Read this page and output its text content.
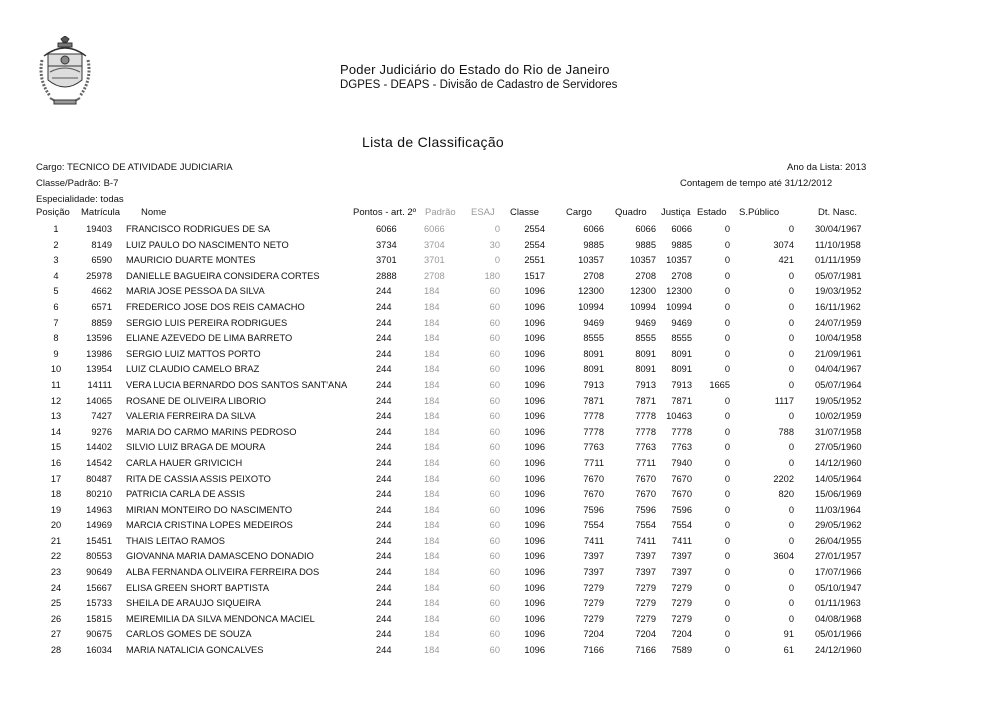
Poder Judiciário do Estado do Rio de Janeiro
DGPES - DEAPS - Divisão de Cadastro de Servidores
Lista de Classificação
Cargo: TECNICO DE ATIVIDADE JUDICIARIA
Classe/Padrão: B-7
Especialidade: todas
Ano da Lista: 2013
Contagem de tempo até 31/12/2012
Posição Matrícula Nome	Pontos - art. 2º Padrão ESAJ Classe	Cargo Quadro Justiça Estado S.Público	Dt. Nasc.
1	19403 FRANCISCO RODRIGUES DE SA	6066	6066	0	2554	6066	6066	6066	0	0 30/04/1967
2	8149 LUIZ PAULO DO NASCIMENTO NETO	3734	3704	30	2554	9885	9885	9885	0	3074 11/10/1958
3	6590 MAURICIO DUARTE MONTES	3701	3701	0	2551	10357	10357	10357	0	421 01/11/1959
4	25978 DANIELLE BAGUEIRA CONSIDERA CORTES	2888	2708	180	1517	2708	2708	2708	0	0 05/07/1981
5	4662 MARIA JOSE PESSOA DA SILVA	244	184	60	1096	12300	12300	12300	0	0 19/03/1952
6	6571 FREDERICO JOSE DOS REIS CAMACHO	244	184	60	1096	10994	10994	10994	0	0 16/11/1962
7	8859 SERGIO LUIS PEREIRA RODRIGUES	244	184	60	1096	9469	9469	9469	0	0 24/07/1959
8	13596 ELIANE AZEVEDO DE LIMA BARRETO	244	184	60	1096	8555	8555	8555	0	0 10/04/1958
9	13986 SERGIO LUIZ MATTOS PORTO	244	184	60	1096	8091	8091	8091	0	0 21/09/1961
10	13954 LUIZ CLAUDIO CAMELO BRAZ	244	184	60	1096	8091	8091	8091	0	0 04/04/1967
11	14111 VERA LUCIA BERNARDO DOS SANTOS SANT'ANA	244	184	60	1096	7913	7913	7913	1665	0 05/07/1964
12	14065 ROSANE DE OLIVEIRA LIBORIO	244	184	60	1096	7871	7871	7871	0	1117 19/05/1952
13	7427 VALERIA FERREIRA DA SILVA	244	184	60	1096	7778	7778	10463	0	0 10/02/1959
14	9276 MARIA DO CARMO MARINS PEDROSO	244	184	60	1096	7778	7778	7778	0	788 31/07/1958
15	14402 SILVIO LUIZ BRAGA DE MOURA	244	184	60	1096	7763	7763	7763	0	0 27/05/1960
16	14542 CARLA HAUER GRIVICICH	244	184	60	1096	7711	7711	7940	0	0 14/12/1960
17	80487 RITA DE CASSIA ASSIS PEIXOTO	244	184	60	1096	7670	7670	7670	0	2202 14/05/1964
18	80210 PATRICIA CARLA DE ASSIS	244	184	60	1096	7670	7670	7670	0	820 15/06/1969
19	14963 MIRIAN MONTEIRO DO NASCIMENTO	244	184	60	1096	7596	7596	7596	0	0 11/03/1964
20	14969 MARCIA CRISTINA LOPES MEDEIROS	244	184	60	1096	7554	7554	7554	0	0 29/05/1962
21	15451 THAIS LEITAO RAMOS	244	184	60	1096	7411	7411	7411	0	0 26/04/1955
22	80553 GIOVANNA MARIA DAMASCENO DONADIO	244	184	60	1096	7397	7397	7397	0	3604 27/01/1957
23	90649 ALBA FERNANDA OLIVEIRA FERREIRA DOS	244	184	60	1096	7397	7397	7397	0	0 17/07/1966
24	15667 ELISA GREEN SHORT BAPTISTA	244	184	60	1096	7279	7279	7279	0	0 05/10/1947
25	15733 SHEILA DE ARAUJO SIQUEIRA	244	184	60	1096	7279	7279	7279	0	0 01/11/1963
26	15815 MEIREMILIA DA SILVA MENDONCA MACIEL	244	184	60	1096	7279	7279	7279	0	0 04/08/1968
27	90675 CARLOS GOMES DE SOUZA	244	184	60	1096	7204	7204	7204	0	91 05/01/1966
28	16034 MARIA NATALICIA GONCALVES	244	184	60	1096	7166	7166	7589	0	61 24/12/1960
